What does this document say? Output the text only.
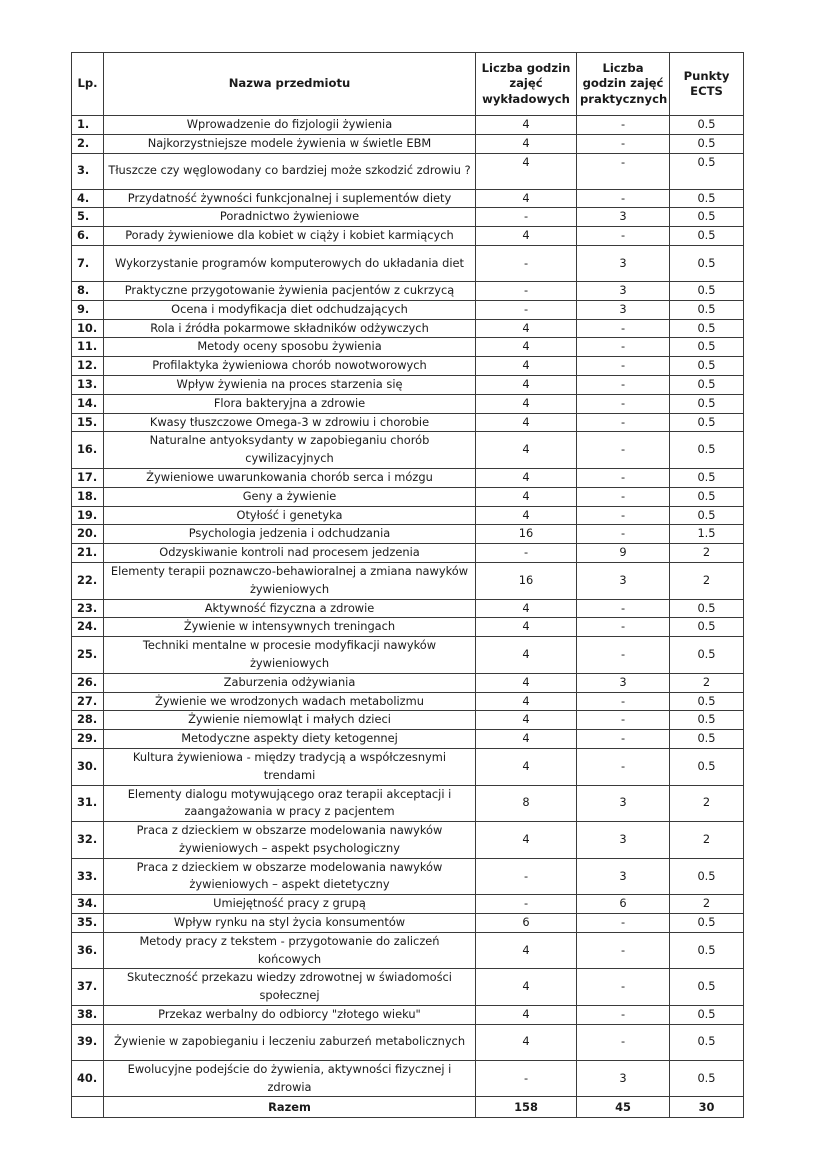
Lp.	Nazwa przedmiotu	Liczba godzin zajęć wykładowych	Liczba godzin zajęć praktycznych	Punkty ECTS
1.	Wprowadzenie do fizjologii żywienia	4	-	0.5
2.	Najkorzystniejsze modele żywienia w świetle EBM	4	-	0.5
3.	Tłuszcze czy węglowodany co bardziej może szkodzić zdrowiu ?	4	-	0.5
4.	Przydatność żywności funkcjonalnej i suplementów diety	4	-	0.5
5.	Poradnictwo żywieniowe	-	3	0.5
6.	Porady żywieniowe dla kobiet w ciąży i kobiet karmiących	4	-	0.5
7.	Wykorzystanie programów komputerowych do układania diet	-	3	0.5
8.	Praktyczne przygotowanie żywienia pacjentów z cukrzycą	-	3	0.5
9.	Ocena i modyfikacja diet odchudzających	-	3	0.5
10.	Rola i źródła pokarmowe składników odżywczych	4	-	0.5
11.	Metody oceny sposobu żywienia	4	-	0.5
12.	Profilaktyka żywieniowa chorób nowotworowych	4	-	0.5
13.	Wpływ żywienia na proces starzenia się	4	-	0.5
14.	Flora bakteryjna a zdrowie	4	-	0.5
15.	Kwasy tłuszczowe Omega-3 w zdrowiu i chorobie	4	-	0.5
16.	Naturalne antyoksydanty w zapobieganiu chorób cywilizacyjnych	4	-	0.5
17.	Żywieniowe uwarunkowania chorób serca i mózgu	4	-	0.5
18.	Geny a żywienie	4	-	0.5
19.	Otyłość i genetyka	4	-	0.5
20.	Psychologia jedzenia i odchudzania	16	-	1.5
21.	Odzyskiwanie kontroli nad procesem jedzenia	-	9	2
22.	Elementy terapii poznawczo-behawioralnej a zmiana nawyków żywieniowych	16	3	2
23.	Aktywność fizyczna a zdrowie	4	-	0.5
24.	Żywienie w intensywnych treningach	4	-	0.5
25.	Techniki mentalne w procesie modyfikacji nawyków żywieniowych	4	-	0.5
26.	Zaburzenia odżywiania	4	3	2
27.	Żywienie we wrodzonych wadach metabolizmu	4	-	0.5
28.	Żywienie niemowląt i małych dzieci	4	-	0.5
29.	Metodyczne aspekty diety ketogennej	4	-	0.5
30.	Kultura żywieniowa - między tradycją a współczesnymi trendami	4	-	0.5
31.	Elementy dialogu motywującego oraz terapii akceptacji i zaangażowania w pracy z pacjentem	8	3	2
32.	Praca z dzieckiem w obszarze modelowania nawyków żywieniowych – aspekt psychologiczny	4	3	2
33.	Praca z dzieckiem w obszarze modelowania nawyków żywieniowych – aspekt dietetyczny	-	3	0.5
34.	Umiejętność pracy z grupą	-	6	2
35.	Wpływ rynku na styl życia konsumentów	6	-	0.5
36.	Metody pracy z tekstem - przygotowanie do zaliczeń końcowych	4	-	0.5
37.	Skuteczność przekazu wiedzy zdrowotnej w świadomości społecznej	4	-	0.5
38.	Przekaz werbalny do odbiorcy "złotego wieku"	4	-	0.5
39.	Żywienie w zapobieganiu i leczeniu zaburzeń metabolicznych	4	-	0.5
40.	Ewolucyjne podejście do żywienia, aktywności fizycznej i zdrowia	-	3	0.5
	Razem	158	45	30
